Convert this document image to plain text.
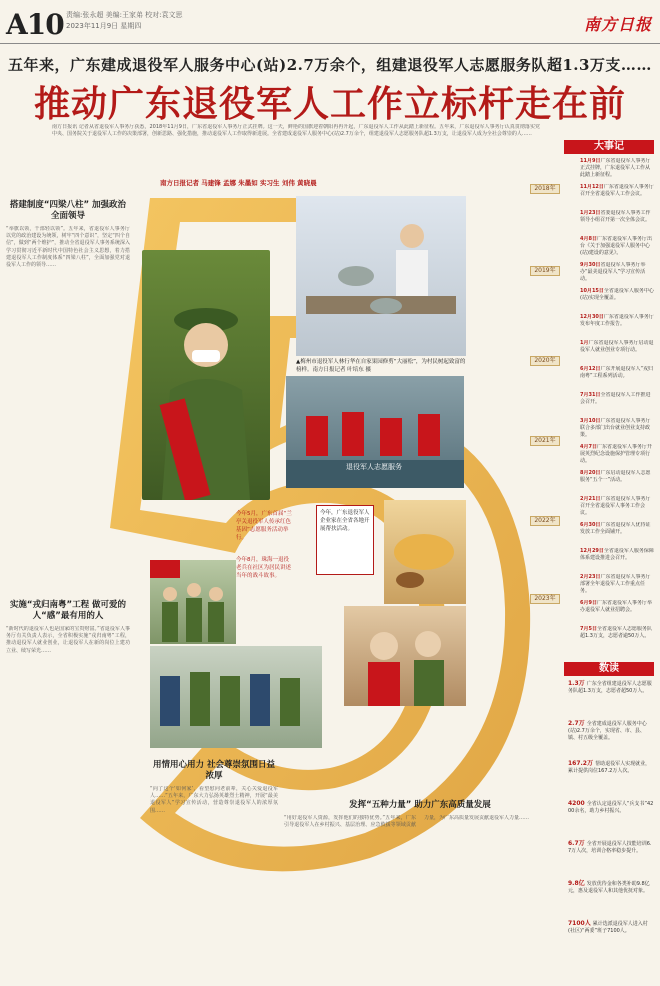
A10 责编:张永超 美编:王家弟 校对:袁文思
2023年11月9日 星期四	南方日报
五年来，广东建成退役军人服务中心(站)2.7万余个，组建退役军人志愿服务队超1.3万支……
推动广东退役军人工作立标杆走在前
南方日报讯 记者从省退役军人事务厅获悉，2018年11月9日，广东省退役军人事务厅正式挂牌。这一天，鲜艳的国旗迎着朝阳冉冉升起，广东退役军人工作从此踏上新征程。五年来，广东退役军人事务厅认真贯彻落实党中央、国务院关于退役军人工作的决策部署，创新思路、强化措施，推动退役军人工作取得新进展。全省建成退役军人服务中心(站)2.7万余个，组建退役军人志愿服务队超1.3万支，让退役军人成为全社会尊崇的人……
南方日报记者 马建锋 孟娜 朱墨如 实习生 刘伟 黄晓晨
搭建制度“四梁八柱” 加强政治全面领导
“举旗以领，干部轻以领”。五年来，省退役军人事务厅以党的政治建设为统领，树牢“四个意识”，坚定“四个自信”，做到“两个维护”，推动全省退役军人事务系统深入学习贯彻习近平新时代中国特色社会主义思想，着力搭建退役军人工作制度体系“四梁八柱”，全面加强党对退役军人工作的领导……
实施“戎归南粤”工程 做可爱的人“感”最有用的人
“新时代的退役军人也是国家的宝贵财富。”省退役军人事务厅有关负责人表示，全省积极实施“戎归南粤”工程，推动退役军人就业创业，让退役军人在新的岗位上建功立业、续写荣光……
▲梅州市退役军人林行华在自家果园修剪“大丽松”，为村民树起致富的榜样。南方日报记者 叶培东 摄
退役军人志愿服务
今年，广东退役军人企业家在全省各地开展帮扶活动。
今年5月，广东首届“兰亭关退役军人传承红色基因”志愿服务活动举行。
今年8月，珠海一退役老兵在社区为居民讲述当年的战斗故事。
用情用心用力 社会尊崇氛围日益浓厚
“向了这个‘如何家’，看望慰问老前辈，关心关爱退役军人……”五年来，广东大力弘扬英雄烈士精神，开展“最美退役军人”学习宣传活动，营造尊崇退役军人的浓厚氛围……
发挥“五种力量” 助力广东高质量发展
“用好退役军人资源，发挥他们的独特优势。”五年来，广东引导退役军人在乡村振兴、基层治理、应急救援等领域贡献力量，为广东高质量发展贡献退役军人力量……
大事记
11月9日广东省退役军人事务厅正式挂牌，广东退役军人工作从此踏上新征程。
11月12日广东省退役军人事务厅召开全省退役军人工作会议。
1月23日省委退役军人事务工作领导小组召开第一次全体会议。
4月8日广东省退役军人事务厅出台《关于加强退役军人服务中心(站)建设的意见》。
9月30日省退役军人事务厅举办“最美退役军人”学习宣传活动。
10月15日全省退役军人服务中心(站)实现全覆盖。
12月30日广东省退役军人事务厅发布年度工作报告。
1月广东省退役军人事务厅启动退役军人就业创业专项行动。
6月12日广东开展退役军人“戎归南粤”工程系列活动。
7月31日全省退役军人工作推进会召开。
3月10日广东省退役军人事务厅联合多部门出台就业创业支持政策。
4月7日广东省退役军人事务厅开展英烈纪念设施保护管理专项行动。
8月20日广东启动退役军人志愿服务“五个一”活动。
2月21日广东省退役军人事务厅召开全省退役军人事务工作会议。
6月30日广东省退役军人优待证发放工作全面铺开。
12月29日全省退役军人服务保障体系建设推进会召开。
2月23日广东省退役军人事务厅部署全年退役军人工作重点任务。
6月9日广东省退役军人事务厅举办退役军人就业招聘会。
7月5日全省退役军人志愿服务队超1.3万支，志愿者逾50万人。
数读
1.3万 广东全省组建退役军人志愿服务队超1.3万支，志愿者超50万人。
2.7万 全省建成退役军人服务中心(站)2.7万余个，实现省、市、县、镇、村五级全覆盖。
167.2万 帮助退役军人实现就业，累计提供岗位167.2万人次。
4200 全省认定退役军人“兵支书”4200余名，助力乡村振兴。
6.7万 全省开展退役军人技能培训6.7万人次，培训合格率稳步提升。
9.8亿 发放优待金和各类补助9.8亿元，惠及退役军人和其他优抚对象。
7100人 累计选派退役军人进入村(社区)“两委”班子7100人。
2018年
2019年
2020年
2021年
2022年
2023年
